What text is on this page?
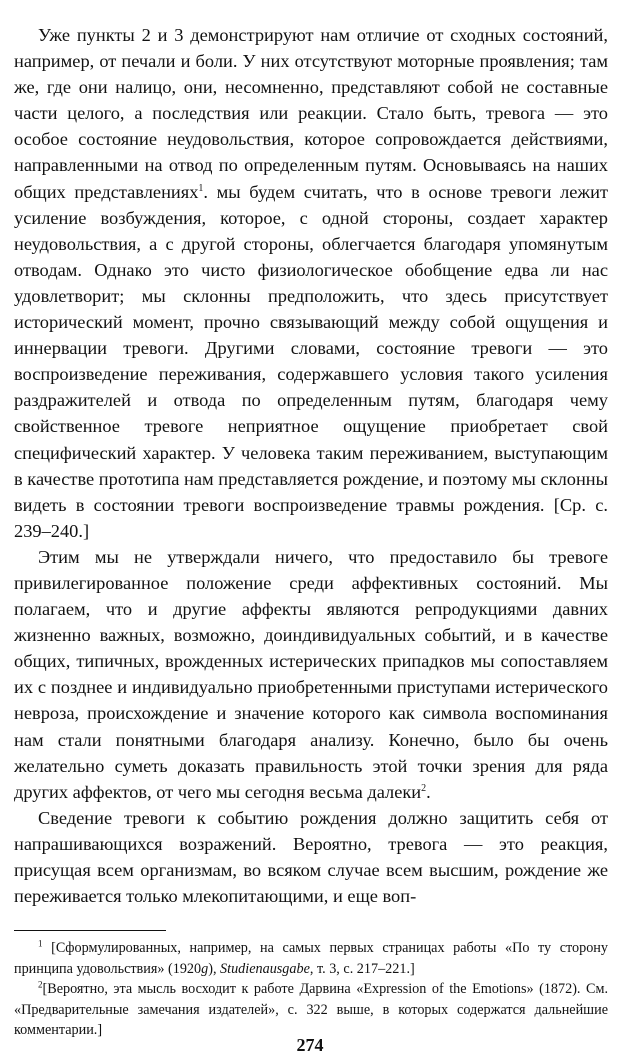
Уже пункты 2 и 3 демонстрируют нам отличие от сходных состояний, например, от печали и боли. У них отсутствуют моторные проявления; там же, где они налицо, они, несомненно, представляют собой не составные части целого, а последствия или реакции. Стало быть, тревога — это особое состояние неудовольствия, которое сопровождается действиями, направленными на отвод по определенным путям. Основываясь на наших общих представлениях$^1$. мы будем считать, что в основе тревоги лежит усиление возбуждения, которое, с одной стороны, создает характер неудовольствия, а с другой стороны, облегчается благодаря упомянутым отводам. Однако это чисто физиологическое обобщение едва ли нас удовлетворит; мы склонны предположить, что здесь присутствует исторический момент, прочно связывающий между собой ощущения и иннервации тревоги. Другими словами, состояние тревоги — это воспроизведение переживания, содержавшего условия такого усиления раздражителей и отвода по определенным путям, благодаря чему свойственное тревоге неприятное ощущение приобретает свой специфический характер. У человека таким переживанием, выступающим в качестве прототипа нам представляется рождение, и поэтому мы склонны видеть в состоянии тревоги воспроизведение травмы рождения. [Ср. с. 239–240.]

Этим мы не утверждали ничего, что предоставило бы тревоге привилегированное положение среди аффективных состояний. Мы полагаем, что и другие аффекты являются репродукциями давних жизненно важных, возможно, доиндивидуальных событий, и в качестве общих, типичных, врожденных истерических припадков мы сопоставляем их с позднее и индивидуально приобретенными приступами истерического невроза, происхождение и значение которого как символа воспоминания нам стали понятными благодаря анализу. Конечно, было бы очень желательно суметь доказать правильность этой точки зрения для ряда других аффектов, от чего мы сегодня весьма далеки$^2$.

Сведение тревоги к событию рождения должно защитить себя от напрашивающихся возражений. Вероятно, тревога — это реакция, присущая всем организмам, во всяком случае всем высшим, рождение же переживается только млекопитающими, и еще воп-

$^1$ [Сформулированных, например, на самых первых страницах работы «По ту сторону принципа удовольствия» (1920g), Studienausgabe, т. 3, с. 217–221.]

$^2$[Вероятно, эта мысль восходит к работе Дарвина «Expression of the Emotions» (1872). См. «Предварительные замечания издателей», с. 322 выше, в которых содержатся дальнейшие комментарии.]

274
